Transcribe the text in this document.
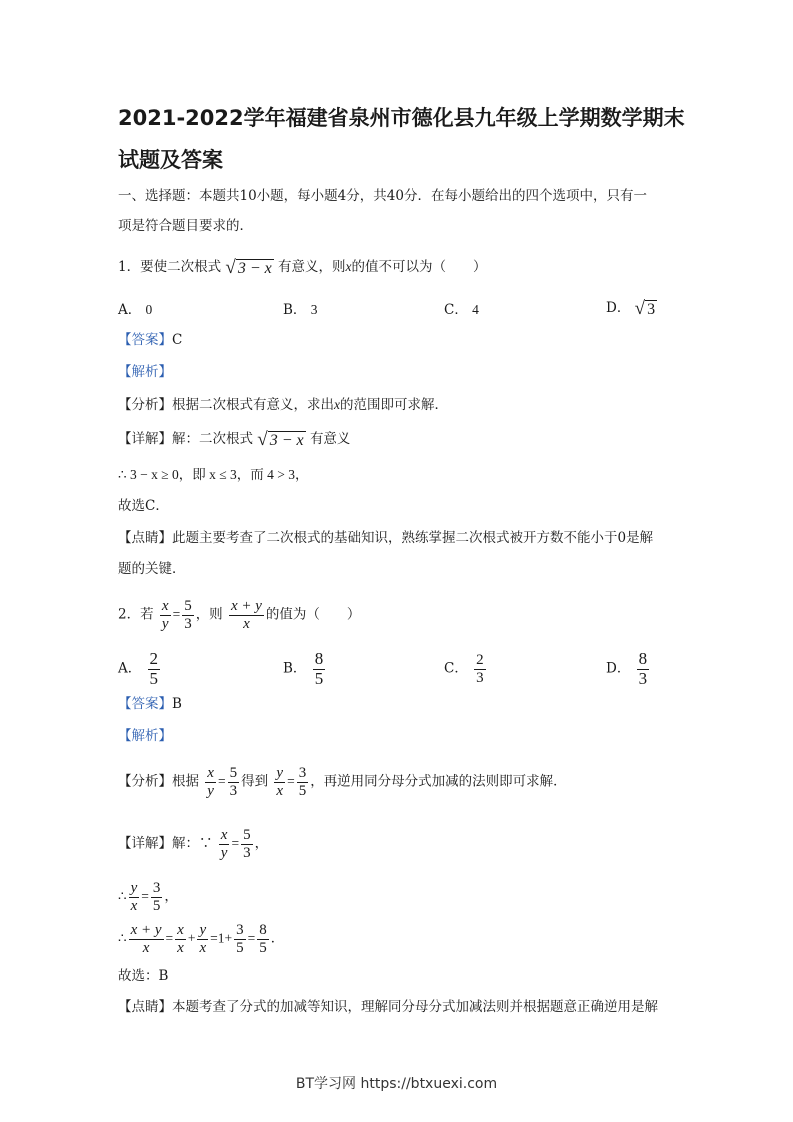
2021-2022学年福建省泉州市德化县九年级上学期数学期末
试题及答案
一、选择题：本题共10小题，每小题4分，共40分．在每小题给出的四个选项中，只有一
项是符合题目要求的．
1．要使二次根式 √ 3 − x 有意义，则x的值不可以为（　　）
A． 0	B． 3	C． 4	D． √ 3
【答案】C
【解析】
【分析】根据二次根式有意义，求出x的范围即可求解．
【详解】解：二次根式 √ 3 − x 有意义
∴ 3 − x ≥ 0，即 x ≤ 3，而 4 > 3，
故选C．
【点睛】此题主要考查了二次根式的基础知识，熟练掌握二次根式被开方数不能小于0是解
题的关键．
2．若 $\frac{x}{y} = \frac{5}{3}$ ，则 $\frac{x + y}{x}$ 的值为（　　）
A． $\frac{2}{5}$	B． $\frac{8}{5}$	C． $\frac{2}{3}$	D． $\frac{8}{3}$
【答案】B
【解析】
【分析】根据 $\frac{x}{y} = \frac{5}{3}$ 得到 $\frac{y}{x} = \frac{3}{5}$ ，再逆用同分母分式加减的法则即可求解．
【详解】解：∵ $\frac{x}{y} = \frac{5}{3}$ ，
∴ $\frac{y}{x} = \frac{3}{5}$ ，
∴ $\frac{x + y}{x} = \frac{x}{x} + \frac{y}{x} =1+ \frac{3}{5} = \frac{8}{5}$ ．
故选：B
【点睛】本题考查了分式的加减等知识，理解同分母分式加减法则并根据题意正确逆用是解
BT学习网 https://btxuexi.com
